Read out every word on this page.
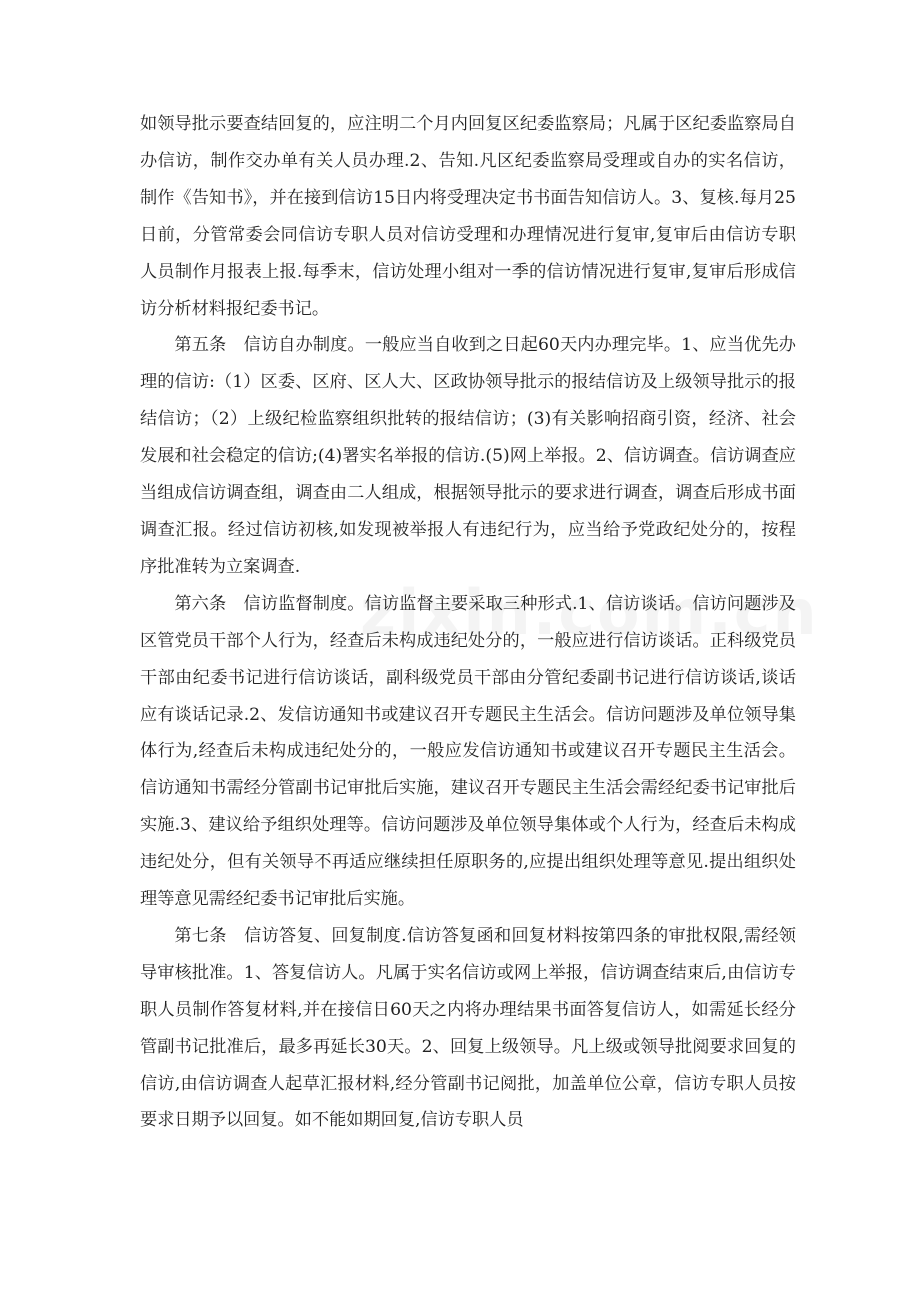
如领导批示要查结回复的，应注明二个月内回复区纪委监察局；凡属于区纪委监察局自办信访，制作交办单有关人员办理.2、告知.凡区纪委监察局受理或自办的实名信访，制作《告知书》，并在接到信访15日内将受理决定书书面告知信访人。3、复核.每月25日前，分管常委会同信访专职人员对信访受理和办理情况进行复审,复审后由信访专职人员制作月报表上报.每季末，信访处理小组对一季的信访情况进行复审,复审后形成信访分析材料报纪委书记。

第五条　信访自办制度。一般应当自收到之日起60天内办理完毕。1、应当优先办理的信访:（1）区委、区府、区人大、区政协领导批示的报结信访及上级领导批示的报结信访；（2）上级纪检监察组织批转的报结信访；(3)有关影响招商引资，经济、社会发展和社会稳定的信访;(4)署实名举报的信访.(5)网上举报。2、信访调查。信访调查应当组成信访调查组，调查由二人组成，根据领导批示的要求进行调查，调查后形成书面调查汇报。经过信访初核,如发现被举报人有违纪行为，应当给予党政纪处分的，按程序批准转为立案调查.

第六条　信访监督制度。信访监督主要采取三种形式.1、信访谈话。信访问题涉及区管党员干部个人行为，经查后未构成违纪处分的，一般应进行信访谈话。正科级党员干部由纪委书记进行信访谈话，副科级党员干部由分管纪委副书记进行信访谈话,谈话应有谈话记录.2、发信访通知书或建议召开专题民主生活会。信访问题涉及单位领导集体行为,经查后未构成违纪处分的，一般应发信访通知书或建议召开专题民主生活会。信访通知书需经分管副书记审批后实施，建议召开专题民主生活会需经纪委书记审批后实施.3、建议给予组织处理等。信访问题涉及单位领导集体或个人行为，经查后未构成违纪处分，但有关领导不再适应继续担任原职务的,应提出组织处理等意见.提出组织处理等意见需经纪委书记审批后实施。

第七条　信访答复、回复制度.信访答复函和回复材料按第四条的审批权限,需经领导审核批准。1、答复信访人。凡属于实名信访或网上举报，信访调查结束后,由信访专职人员制作答复材料,并在接信日60天之内将办理结果书面答复信访人，如需延长经分管副书记批准后，最多再延长30天。2、回复上级领导。凡上级或领导批阅要求回复的信访,由信访调查人起草汇报材料,经分管副书记阅批，加盖单位公章，信访专职人员按要求日期予以回复。如不能如期回复,信访专职人员
